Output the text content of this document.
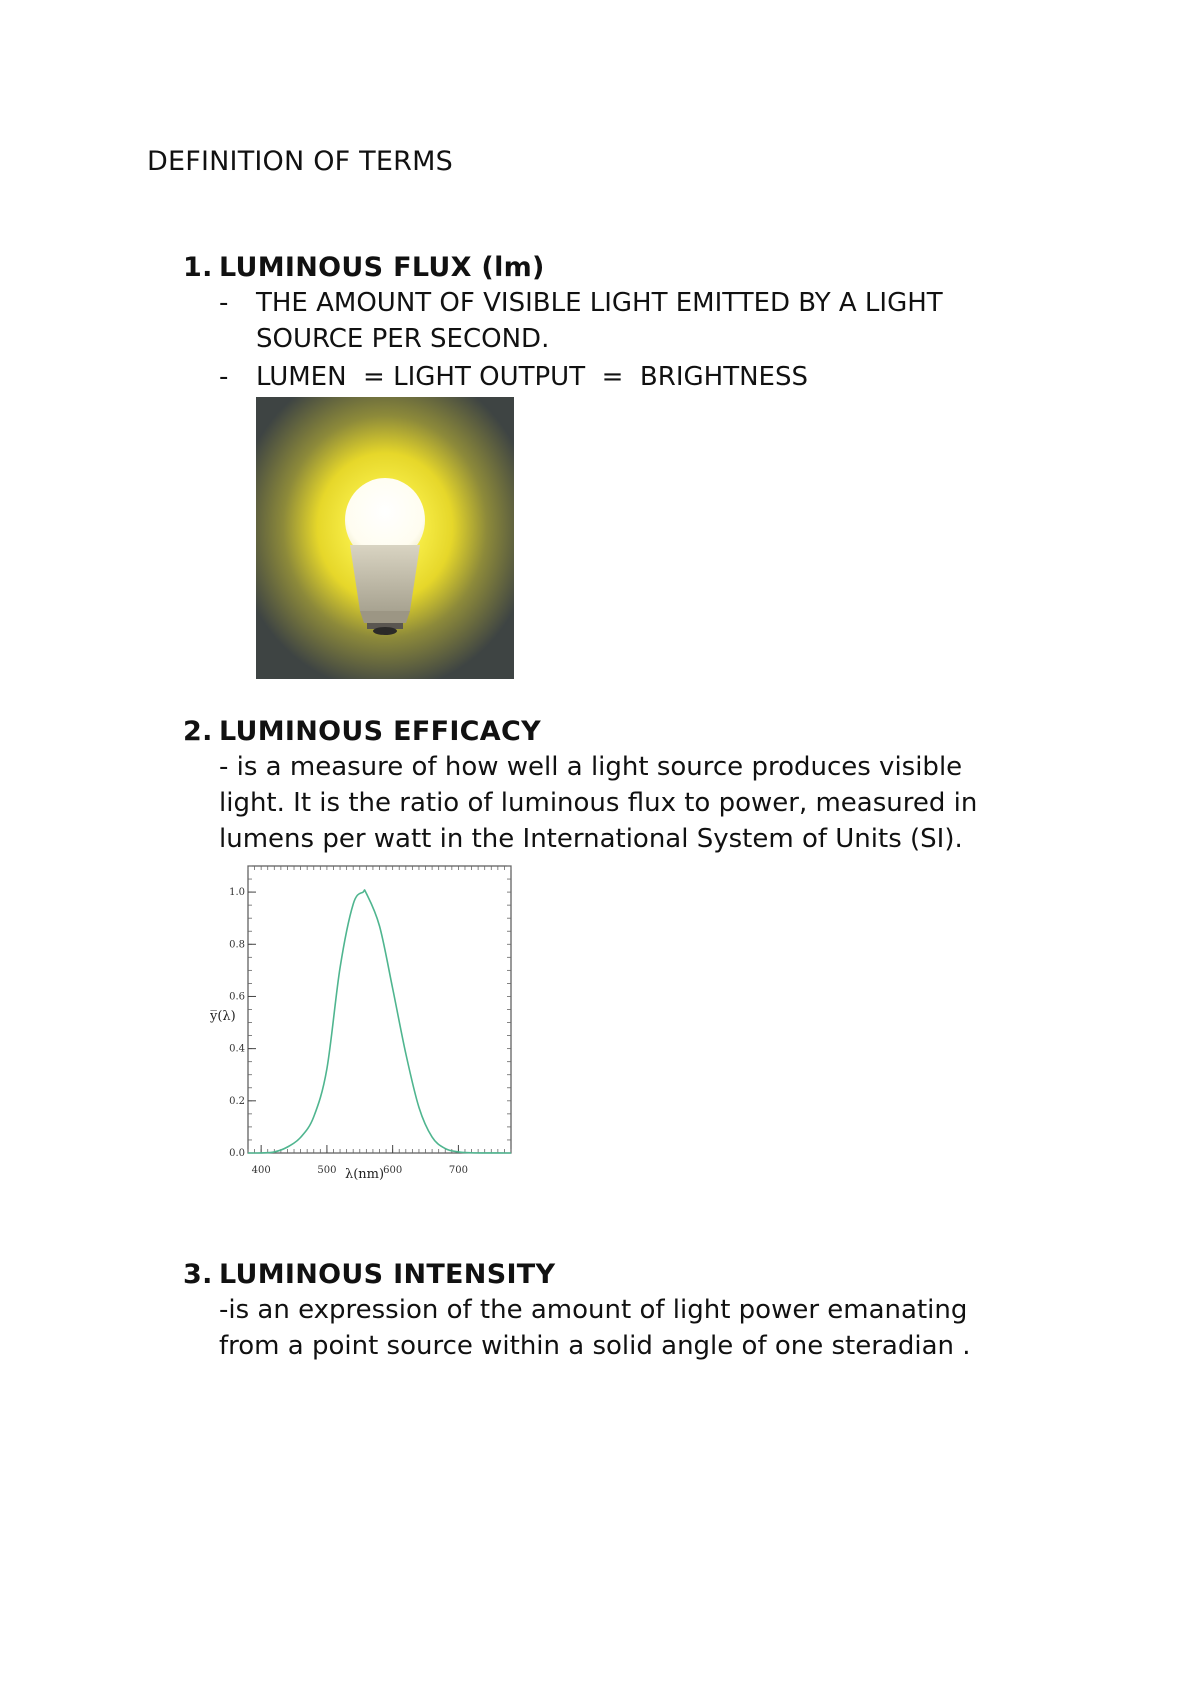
DEFINITION OF TERMS
1. LUMINOUS FLUX (lm)
- THE AMOUNT OF VISIBLE LIGHT EMITTED BY A LIGHT
SOURCE PER SECOND.
- LUMEN  = LIGHT OUTPUT  =  BRIGHTNESS
2. LUMINOUS EFFICACY
- is a measure of how well a light source produces visible
light. It is the ratio of luminous flux to power, measured in
lumens per watt in the International System of Units (SI).
400	500	600	700
0.0
0.2
0.4
0.6
0.8
1.0
y̅(λ)
λ(nm)
3. LUMINOUS INTENSITY
-is an expression of the amount of light power emanating
from a point source within a solid angle of one steradian .
